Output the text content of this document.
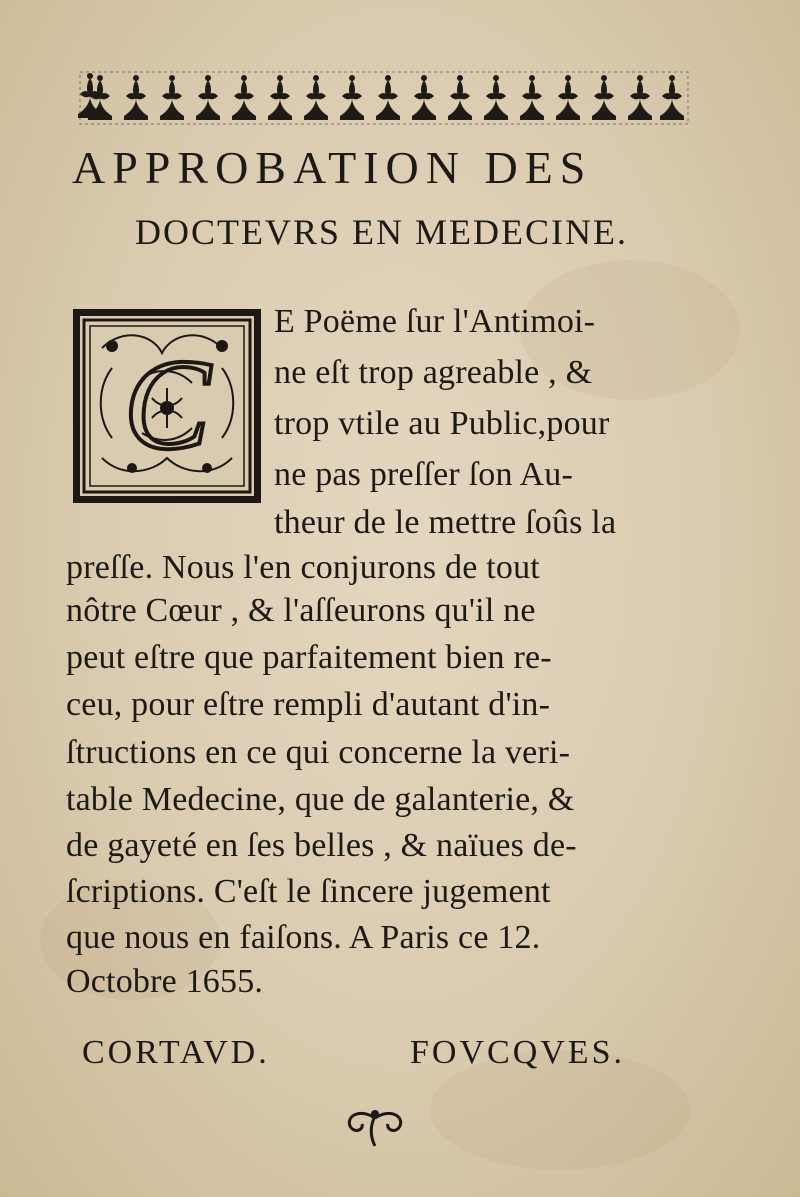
APPROBATION DES
DOCTEVRS EN MEDECINE.
C
E Poëme ſur l'Antimoi-
ne eſt trop agreable , &
trop vtile au Public,pour
ne pas preſſer ſon Au-
theur de le mettre ſoûs la
preſſe. Nous l'en conjurons de tout
nôtre Cœur , & l'aſſeurons qu'il ne
peut eſtre que parfaitement bien re-
ceu, pour eſtre rempli d'autant d'in-
ſtructions en ce qui concerne la veri-
table Medecine, que de galanterie, &
de gayeté en ſes belles , & naïues de-
ſcriptions. C'eſt le ſincere jugement
que nous en faiſons. A Paris ce 12.
Octobre 1655.
CORTAVD.	FOVCQVES.
